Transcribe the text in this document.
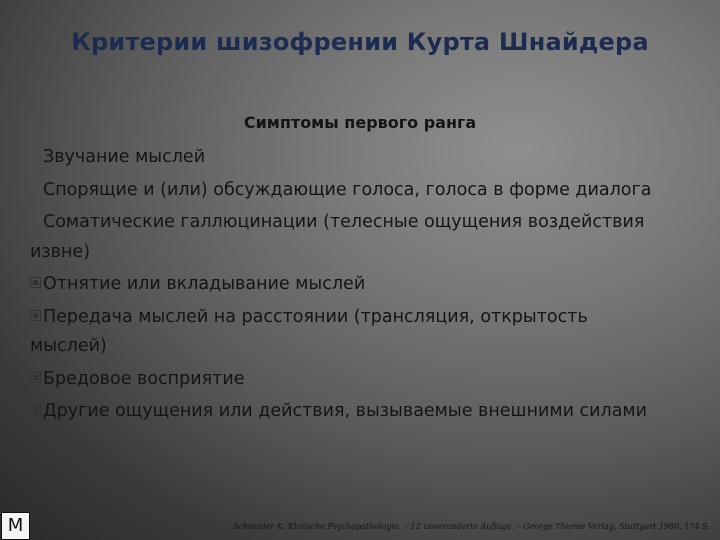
Критерии шизофрении Курта Шнайдера
Симптомы первого ранга
Звучание мыслей
Спорящие и (или) обсуждающие голоса, голоса в форме диалога
Соматические галлюцинации (телесные ощущения воздействия извне)
Отнятие или вкладывание мыслей
Передача мыслей на расстоянии (трансляция, открытость мыслей)
Бредовое восприятие
Другие ощущения или действия, вызываемые внешними силами
M	Schneider K. Klinische Psychopathologie. – 12 unveranderte Auflage. – George Thieme Verlag, Stuttgart 1980, 174 S.
